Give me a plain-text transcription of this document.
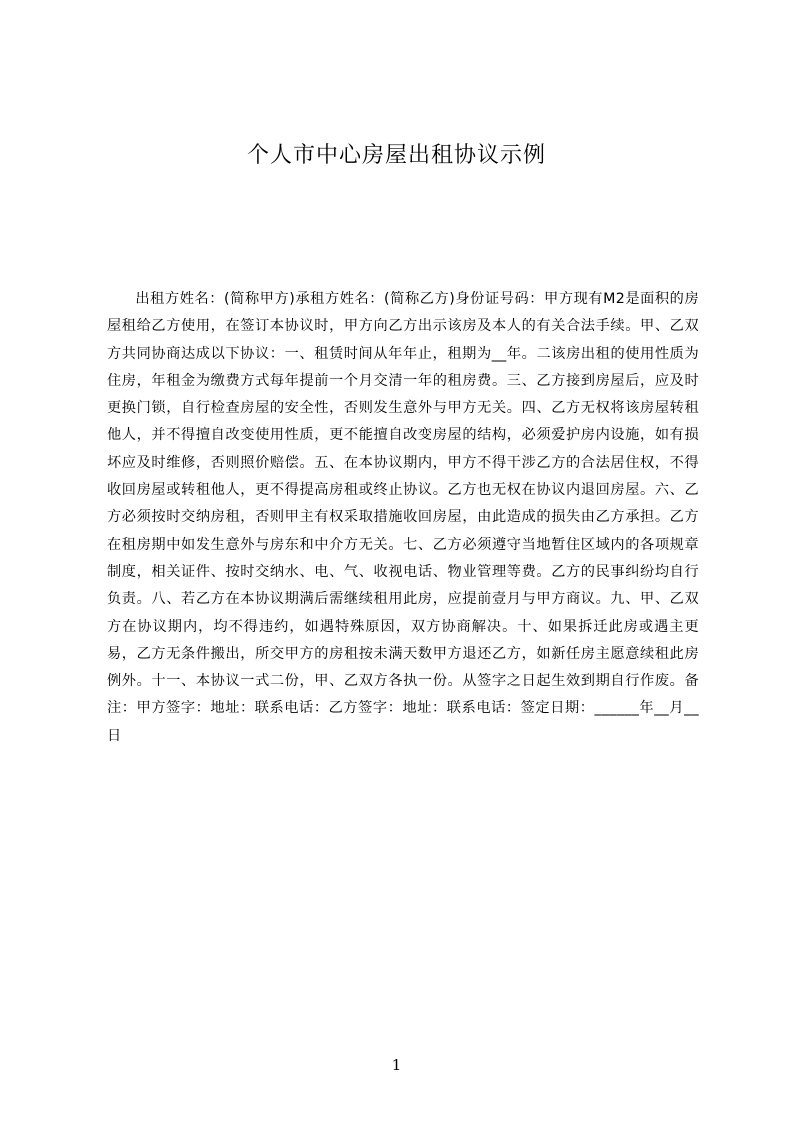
个人市中心房屋出租协议示例

出租方姓名：(简称甲方)承租方姓名：(简称乙方)身份证号码：甲方现有M2是面积的房屋租给乙方使用，在签订本协议时，甲方向乙方出示该房及本人的有关合法手续。甲、乙双方共同协商达成以下协议：一、租赁时间从年年止，租期为__年。二该房出租的使用性质为住房，年租金为缴费方式每年提前一个月交清一年的租房费。三、乙方接到房屋后，应及时更换门锁，自行检查房屋的安全性，否则发生意外与甲方无关。四、乙方无权将该房屋转租他人，并不得擅自改变使用性质，更不能擅自改变房屋的结构，必须爱护房内设施，如有损坏应及时维修，否则照价赔偿。五、在本协议期内，甲方不得干涉乙方的合法居住权，不得收回房屋或转租他人，更不得提高房租或终止协议。乙方也无权在协议内退回房屋。六、乙方必须按时交纳房租，否则甲主有权采取措施收回房屋，由此造成的损失由乙方承担。乙方在租房期中如发生意外与房东和中介方无关。七、乙方必须遵守当地暂住区域内的各项规章制度，相关证件、按时交纳水、电、气、收视电话、物业管理等费。乙方的民事纠纷均自行负责。八、若乙方在本协议期满后需继续租用此房，应提前壹月与甲方商议。九、甲、乙双方在协议期内，均不得违约，如遇特殊原因，双方协商解决。十、如果拆迁此房或遇主更易，乙方无条件搬出，所交甲方的房租按未满天数甲方退还乙方，如新任房主愿意续租此房例外。十一、本协议一式二份，甲、乙双方各执一份。从签字之日起生效到期自行作废。备注：甲方签字：地址：联系电话：乙方签字：地址：联系电话：签定日期：______年__月__日

1
